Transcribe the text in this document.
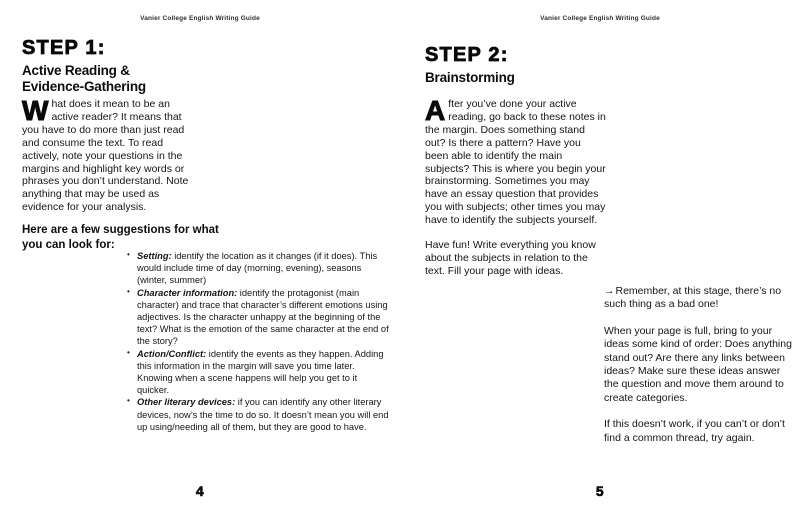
Vanier College English Writing Guide
STEP 1:
Active Reading &
Evidence-Gathering

What does it mean to be an active reader? It means that you have to do more than just read and consume the text. To read actively, note your questions in the margins and highlight key words or phrases you don’t understand. Note anything that may be used as evidence for your analysis.

Here are a few suggestions for what you can look for:
• Setting: identify the location as it changes (if it does). This would include time of day (morning, evening), seasons (winter, summer)
• Character information: identify the protagonist (main character) and trace that character’s different emotions using adjectives. Is the character unhappy at the beginning of the text? What is the emotion of the same character at the end of the story?
• Action/Conflict: identify the events as they happen. Adding this information in the margin will save you time later. Knowing when a scene happens will help you get to it quicker.
• Other literary devices: if you can identify any other literary devices, now’s the time to do so. It doesn’t mean you will end up using/needing all of them, but they are good to have.
4
Vanier College English Writing Guide
STEP 2:
Brainstorming

After you’ve done your active reading, go back to these notes in the margin. Does something stand out? Is there a pattern? Have you been able to identify the main subjects? This is where you begin your brainstorming. Sometimes you may have an essay question that provides you with subjects; other times you may have to identify the subjects yourself.

Have fun! Write everything you know about the subjects in relation to the text. Fill your page with ideas.

→Remember, at this stage, there’s no such thing as a bad one!

When your page is full, bring to your ideas some kind of order: Does anything stand out? Are there any links between ideas? Make sure these ideas answer the question and move them around to create categories.

If this doesn’t work, if you can’t or don’t find a common thread, try again.

5
